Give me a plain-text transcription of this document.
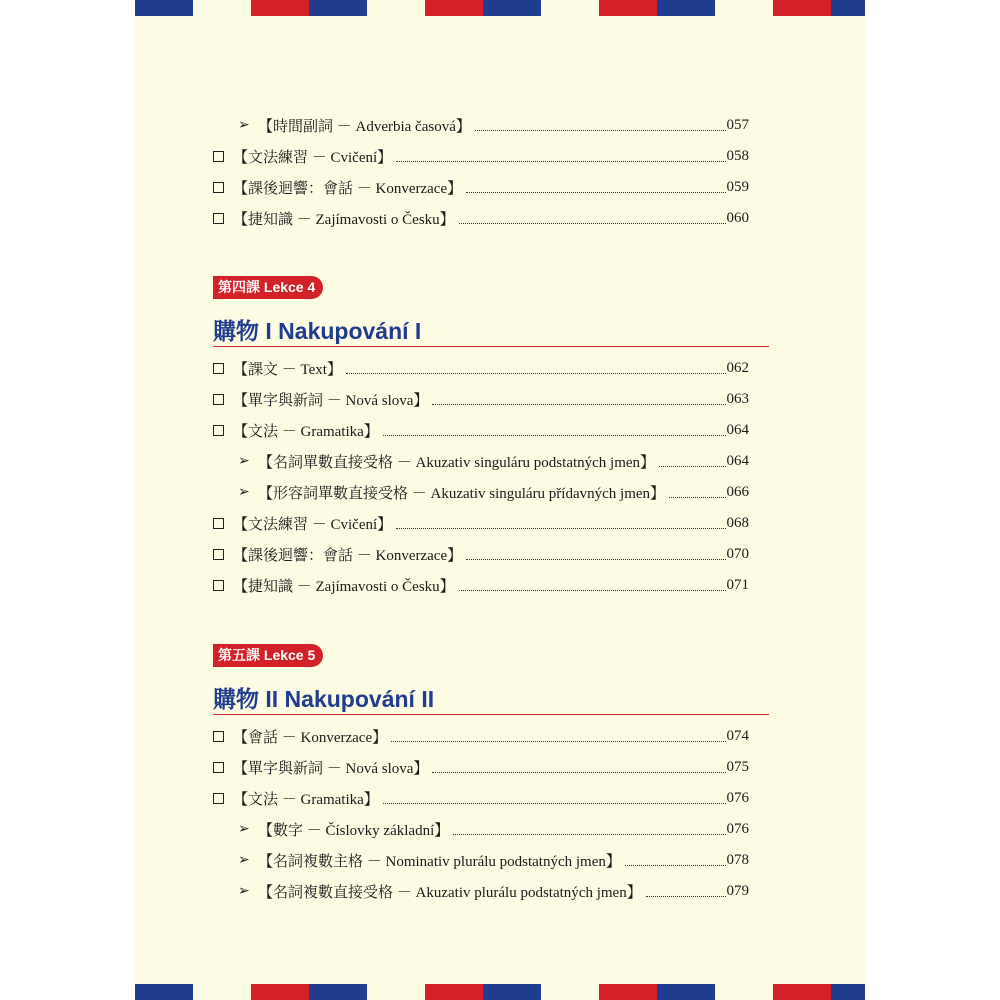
➢ 【時間副詞 － Adverbia časová】	057
【文法練習 － Cvičení】	058
【課後迴響：會話 － Konverzace】	059
【捷知識 － Zajímavosti o Česku】	060
第四課 Lekce 4
購物 I Nakupování I
【課文 － Text】	062
【單字與新詞 － Nová slova】	063
【文法 － Gramatika】	064
➢ 【名詞單數直接受格 － Akuzativ singuláru podstatných jmen】	064
➢ 【形容詞單數直接受格 － Akuzativ singuláru přídavných jmen】	066
【文法練習 － Cvičení】	068
【課後迴響：會話 － Konverzace】	070
【捷知識 － Zajímavosti o Česku】	071
第五課 Lekce 5
購物 II Nakupování II
【會話 － Konverzace】	074
【單字與新詞 － Nová slova】	075
【文法 － Gramatika】	076
➢ 【數字 － Číslovky základní】	076
➢ 【名詞複數主格 － Nominativ plurálu podstatných jmen】	078
➢ 【名詞複數直接受格 － Akuzativ plurálu podstatných jmen】	079
